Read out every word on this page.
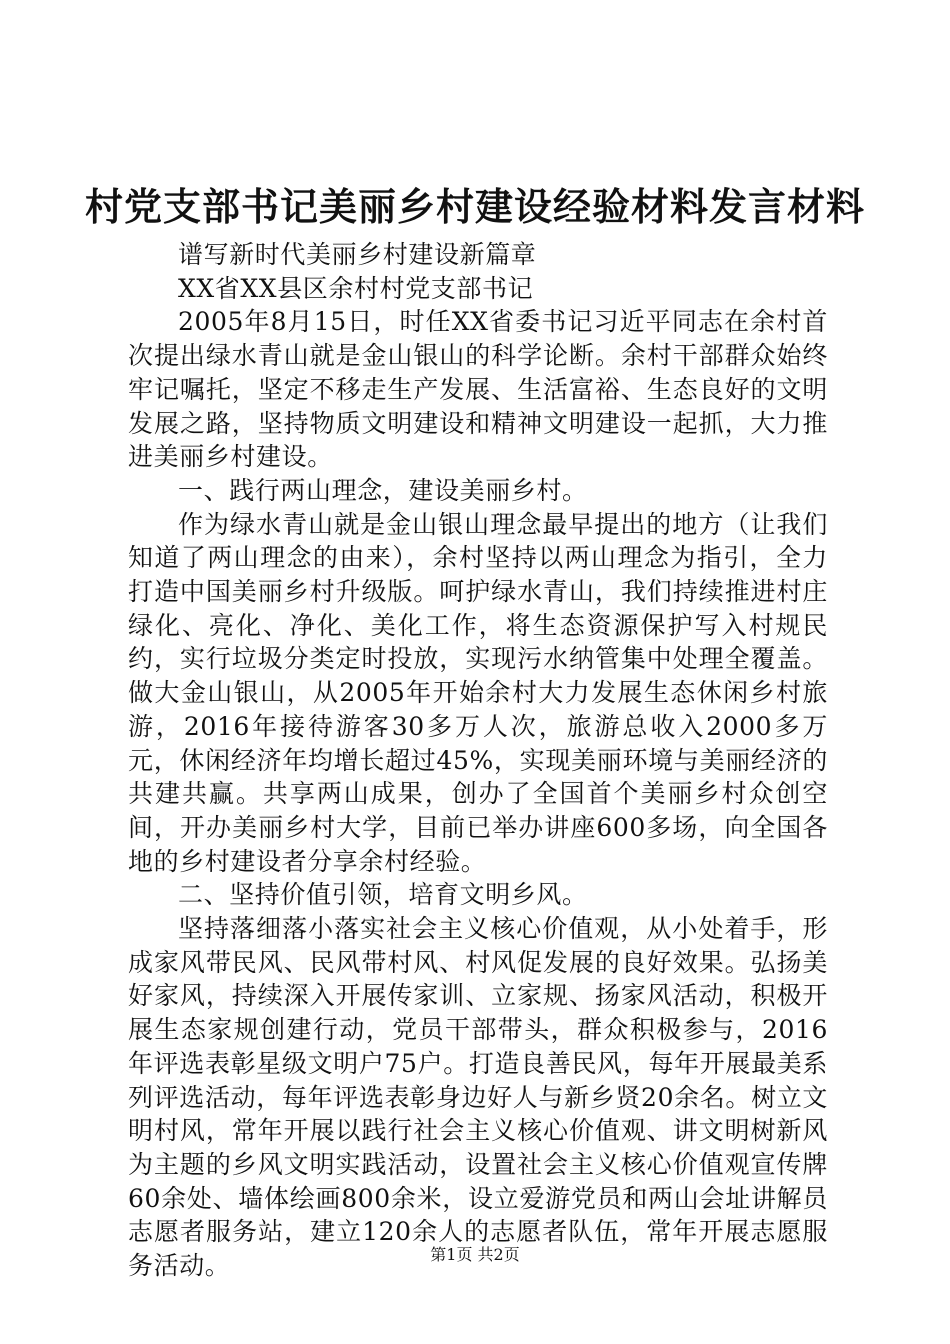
村党支部书记美丽乡村建设经验材料发言材料

谱写新时代美丽乡村建设新篇章

XX省XX县区余村村党支部书记

2005年8月15日，时任XX省委书记习近平同志在余村首次提出绿水青山就是金山银山的科学论断。余村干部群众始终牢记嘱托，坚定不移走生产发展、生活富裕、生态良好的文明发展之路，坚持物质文明建设和精神文明建设一起抓，大力推进美丽乡村建设。

一、践行两山理念，建设美丽乡村。

作为绿水青山就是金山银山理念最早提出的地方（让我们知道了两山理念的由来），余村坚持以两山理念为指引，全力打造中国美丽乡村升级版。呵护绿水青山，我们持续推进村庄绿化、亮化、净化、美化工作，将生态资源保护写入村规民约，实行垃圾分类定时投放，实现污水纳管集中处理全覆盖。做大金山银山，从2005年开始余村大力发展生态休闲乡村旅游，2016年接待游客30多万人次，旅游总收入2000多万元，休闲经济年均增长超过45%，实现美丽环境与美丽经济的共建共赢。共享两山成果，创办了全国首个美丽乡村众创空间，开办美丽乡村大学，目前已举办讲座600多场，向全国各地的乡村建设者分享余村经验。

二、坚持价值引领，培育文明乡风。

坚持落细落小落实社会主义核心价值观，从小处着手，形成家风带民风、民风带村风、村风促发展的良好效果。弘扬美好家风，持续深入开展传家训、立家规、扬家风活动，积极开展生态家规创建行动，党员干部带头，群众积极参与，2016年评选表彰星级文明户75户。打造良善民风，每年开展最美系列评选活动，每年评选表彰身边好人与新乡贤20余名。树立文明村风，常年开展以践行社会主义核心价值观、讲文明树新风为主题的乡风文明实践活动，设置社会主义核心价值观宣传牌60余处、墙体绘画800余米，设立爱游党员和两山会址讲解员志愿者服务站，建立120余人的志愿者队伍，常年开展志愿服务活动。	第1页 共2页
